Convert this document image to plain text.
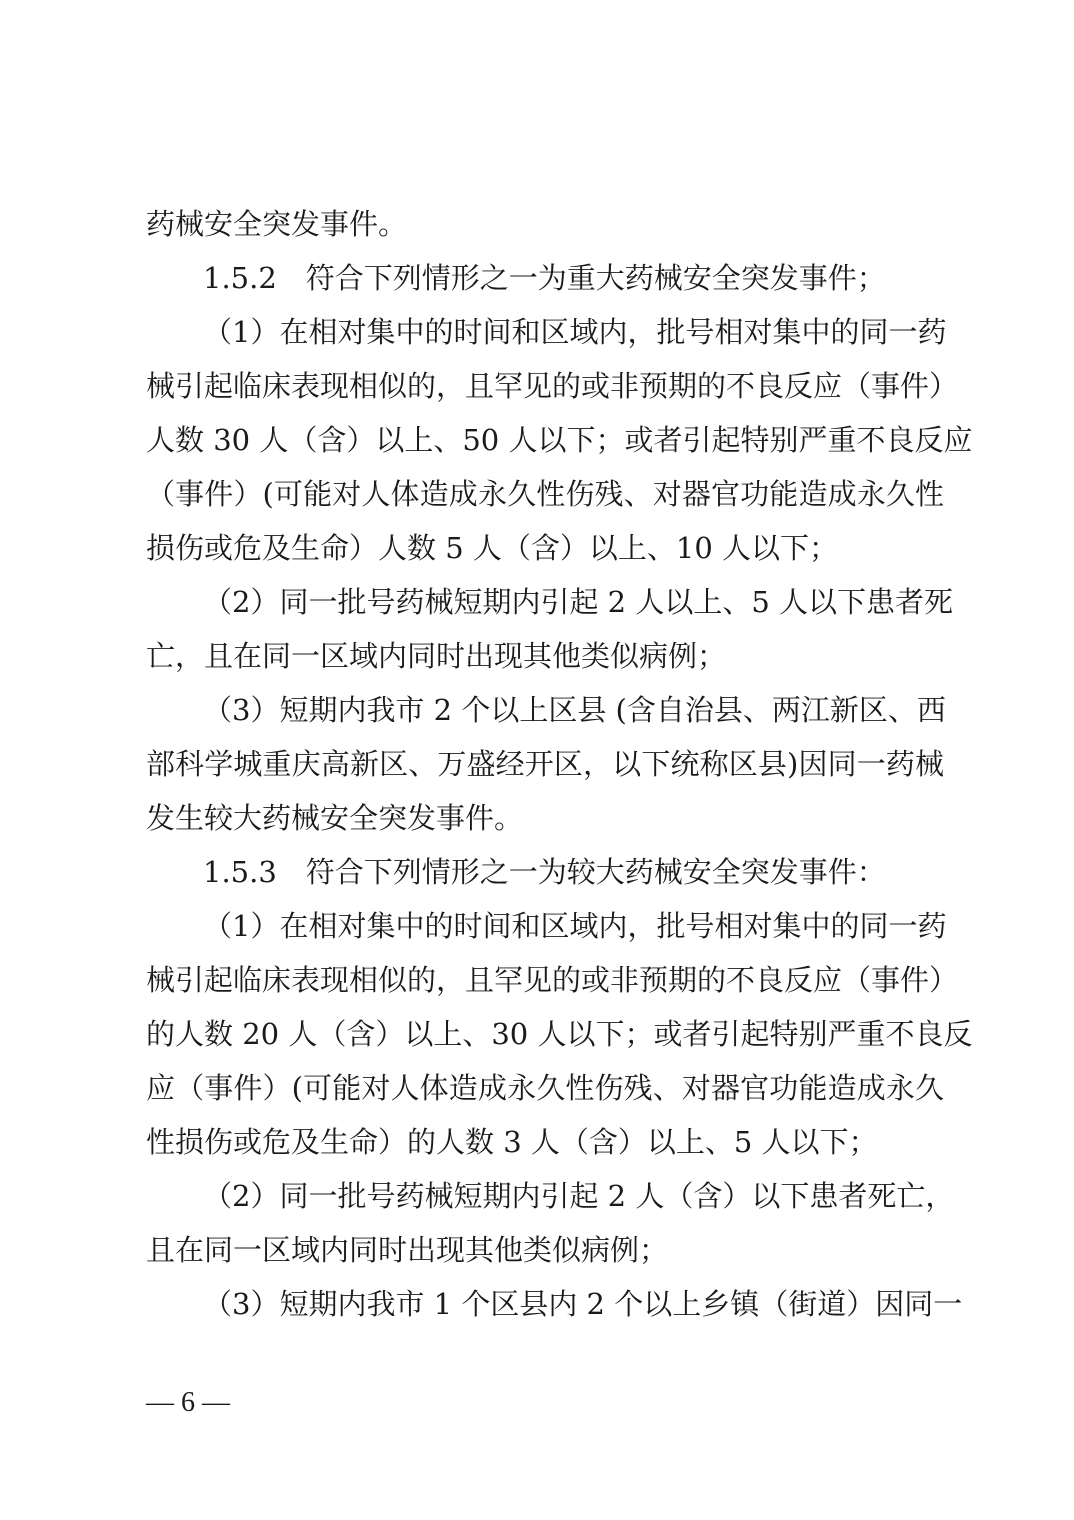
药械安全突发事件。
1.5.2　符合下列情形之一为重大药械安全突发事件；
（1）在相对集中的时间和区域内，批号相对集中的同一药
械引起临床表现相似的，且罕见的或非预期的不良反应（事件）
人数 30 人（含）以上、50 人以下；或者引起特别严重不良反应
（事件）(可能对人体造成永久性伤残、对器官功能造成永久性
损伤或危及生命）人数 5 人（含）以上、10 人以下；
（2）同一批号药械短期内引起 2 人以上、5 人以下患者死
亡，且在同一区域内同时出现其他类似病例；
（3）短期内我市 2 个以上区县 (含自治县、两江新区、西
部科学城重庆高新区、万盛经开区，以下统称区县)因同一药械
发生较大药械安全突发事件。
1.5.3　符合下列情形之一为较大药械安全突发事件：
（1）在相对集中的时间和区域内，批号相对集中的同一药
械引起临床表现相似的，且罕见的或非预期的不良反应（事件）
的人数 20 人（含）以上、30 人以下；或者引起特别严重不良反
应（事件）(可能对人体造成永久性伤残、对器官功能造成永久
性损伤或危及生命）的人数 3 人（含）以上、5 人以下；
（2）同一批号药械短期内引起 2 人（含）以下患者死亡，
且在同一区域内同时出现其他类似病例；
（3）短期内我市 1 个区县内 2 个以上乡镇（街道）因同一
— 6 —
